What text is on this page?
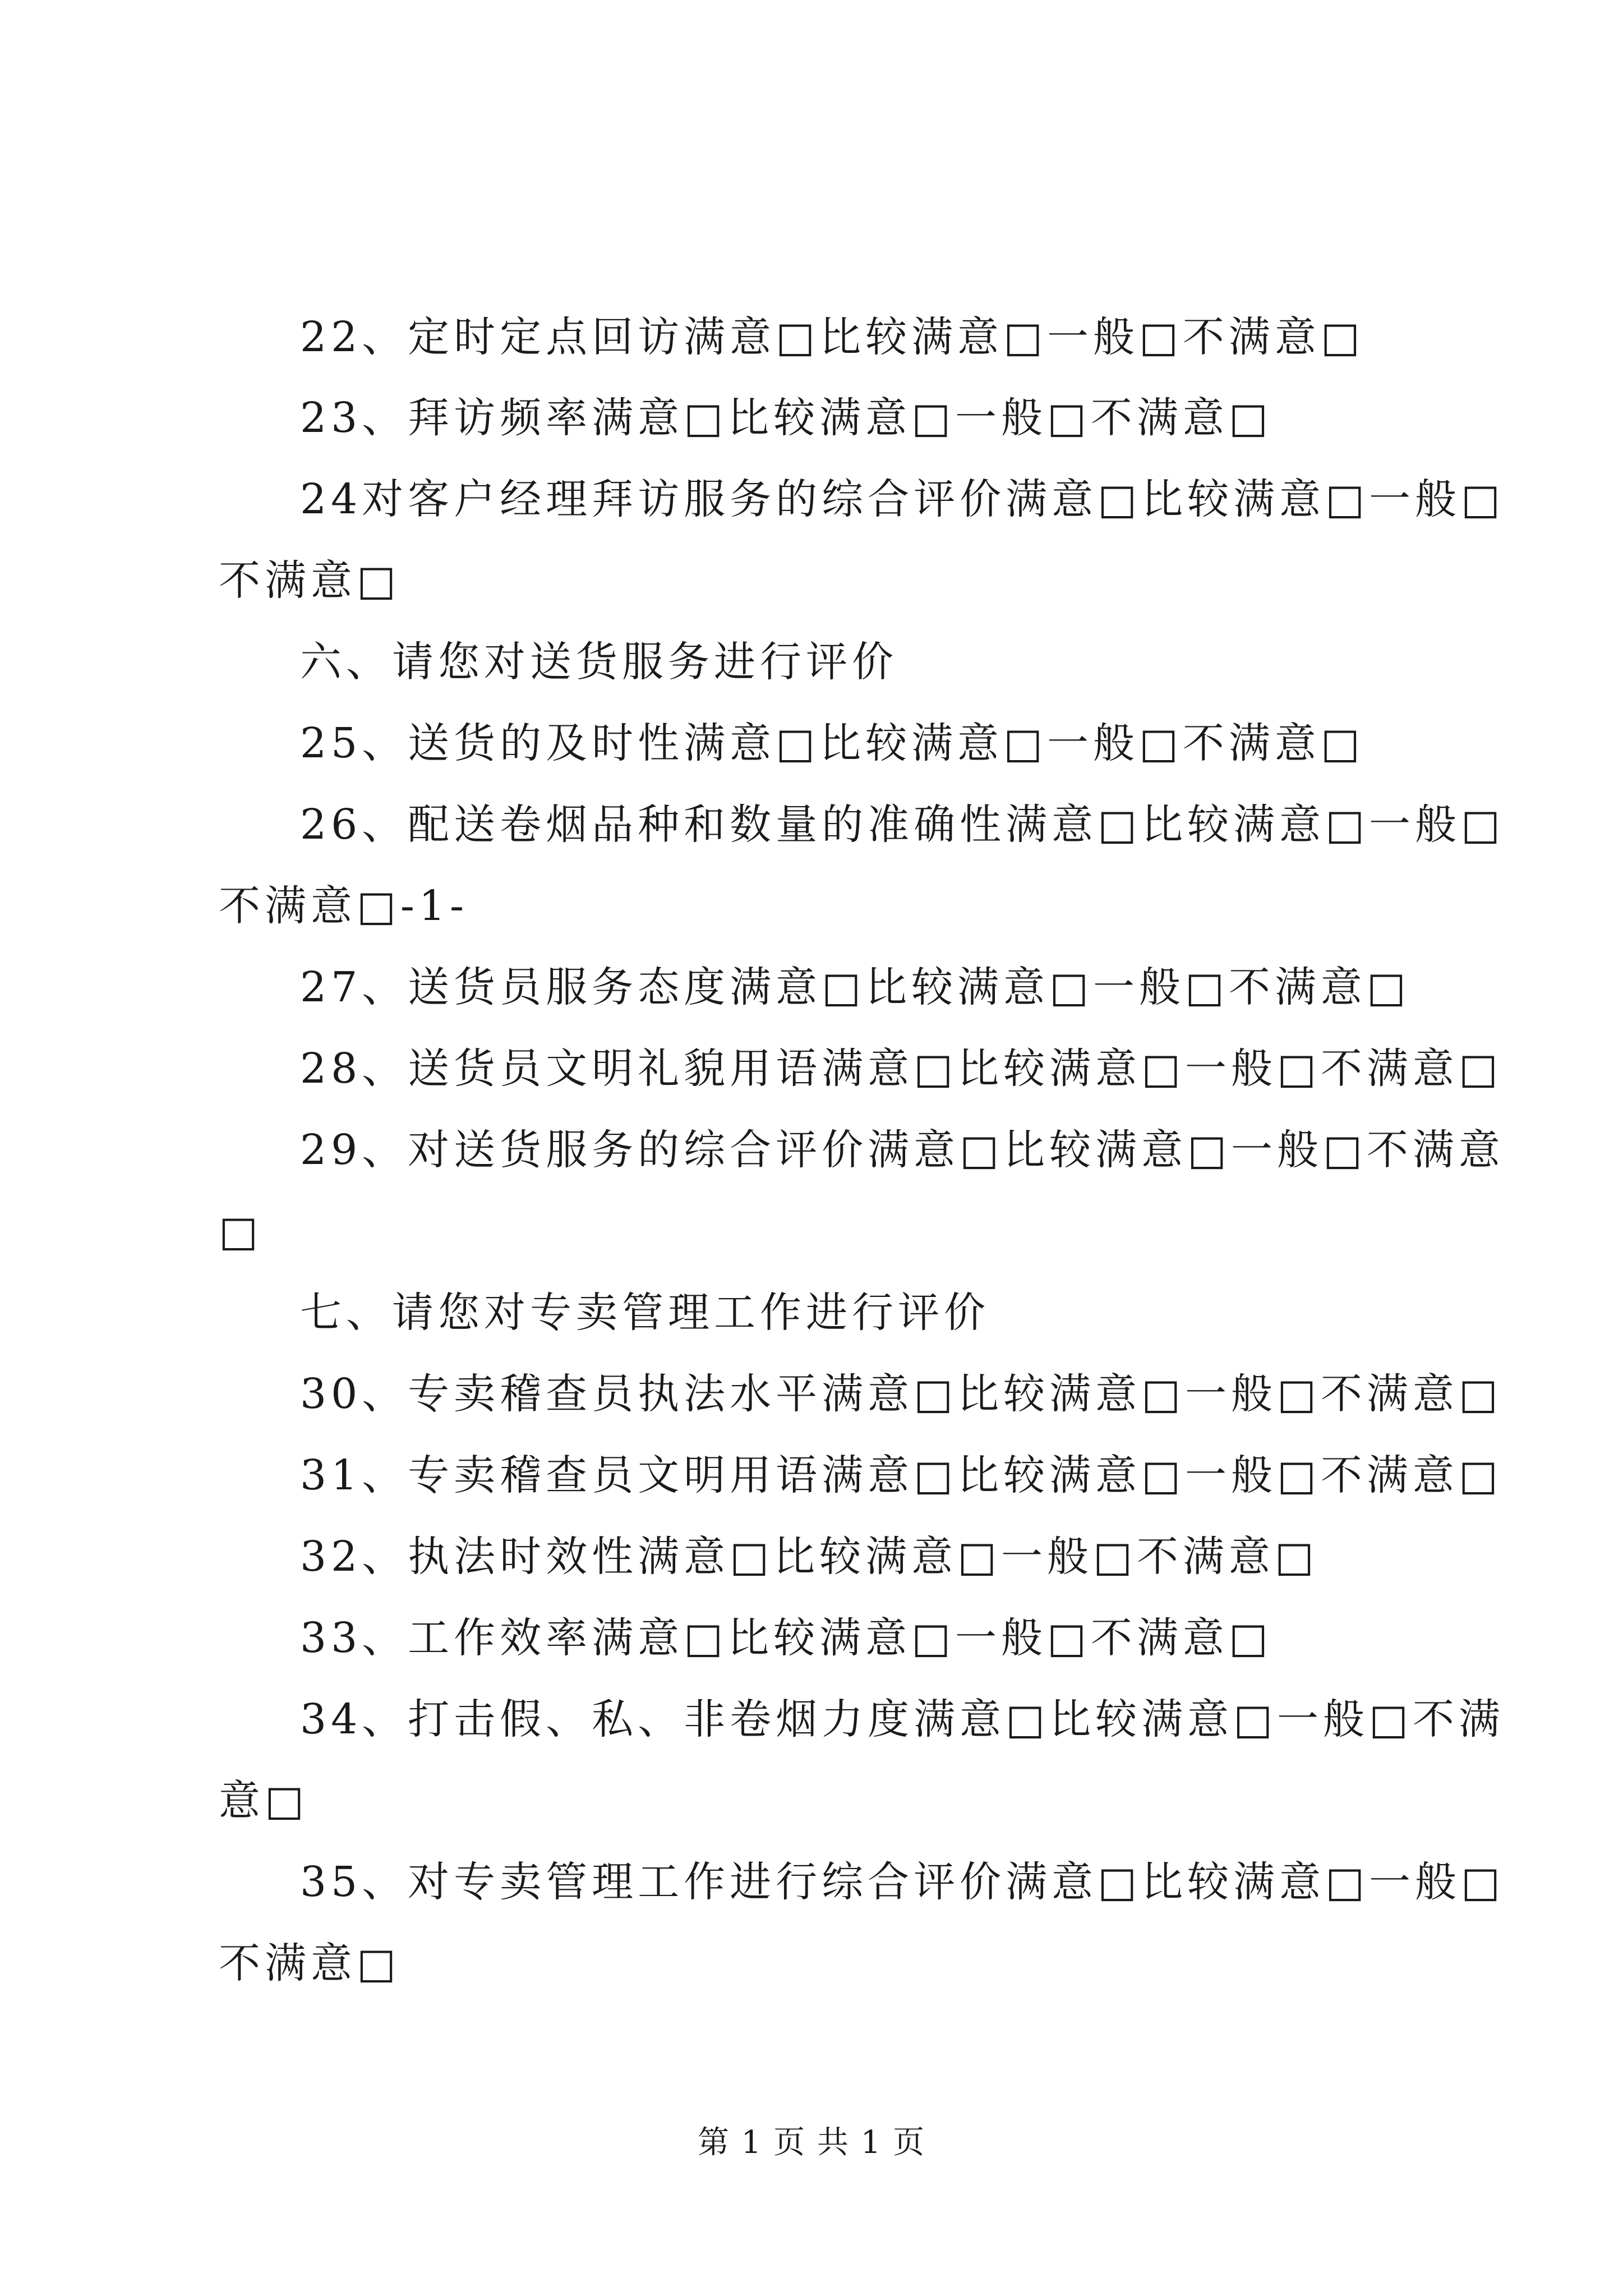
22、定时定点回访满意□比较满意□一般□不满意□
23、拜访频率满意□比较满意□一般□不满意□
24对客户经理拜访服务的综合评价满意□比较满意□一般□
不满意□
六、请您对送货服务进行评价
25、送货的及时性满意□比较满意□一般□不满意□
26、配送卷烟品种和数量的准确性满意□比较满意□一般□
不满意□-1-
27、送货员服务态度满意□比较满意□一般□不满意□
28、送货员文明礼貌用语满意□比较满意□一般□不满意□
29、对送货服务的综合评价满意□比较满意□一般□不满意
□
七、请您对专卖管理工作进行评价
30、专卖稽查员执法水平满意□比较满意□一般□不满意□
31、专卖稽查员文明用语满意□比较满意□一般□不满意□
32、执法时效性满意□比较满意□一般□不满意□
33、工作效率满意□比较满意□一般□不满意□
34、打击假、私、非卷烟力度满意□比较满意□一般□不满
意□
35、对专卖管理工作进行综合评价满意□比较满意□一般□
不满意□
第 1 页 共 1 页
